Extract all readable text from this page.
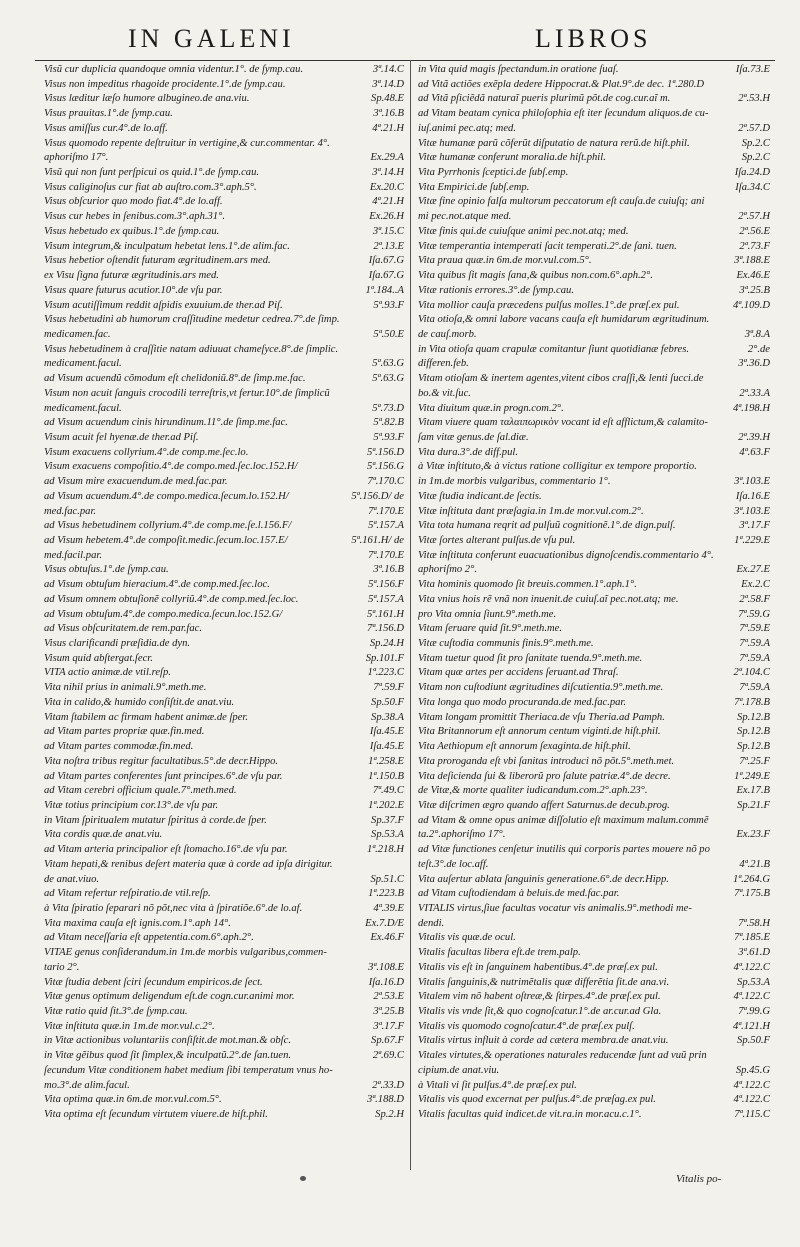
IN GALENI	LIBROS
Visũ cur duplicia quandoque omnia videntur.1°. de ſymp.cau.	3ª.14.C
Visus non impeditus rhagoide procidente.1°.de ſymp.cau.	3ª.14.D
Visus læditur læſo humore albugineo.de ana.viu.	Sp.48.E
Visus prauitas.1°.de ſymp.cau.	3ª.16.B
Visus amiſſus cur.4°.de lo.aff.	4ª.21.H
Visus quomodo repente deſtruitur in vertigine,& cur.commentar. 4°.
aphoriſmo 17°.	Ex.29.A
Visũ qui non ſunt perſpicui os quid.1°.de ſymp.cau.	3ª.14.H
Visus caliginoſus cur fiat ab auſtro.com.3°.aph.5°.	Ex.20.C
Visus obſcurior quo modo fiat.4°.de lo.aff.	4ª.21.H
Visus cur hebes in ſenibus.com.3°.aph.31°.	Ex.26.H
Visus hebetudo ex quibus.1°.de ſymp.cau.	3ª.15.C
Visum integrum,& inculpatum hebetat lens.1°.de alim.fac.	2ª.13.E
Visus hebetior oſtendit futuram ægritudinem.ars med.	Iſa.67.G
ex Visu ſigna futuræ ægritudinis.ars med.	Iſa.67.G
Visus quare futurus acutior.10°.de vſu par.	1ª.184..A
Visum acutiſſimum reddit aſpidis exuuium.de ther.ad Piſ.	5ª.93.F
Visus hebetudini ab humorum craſſitudine medetur cedrea.7°.de ſimp.
medicamen.fac.	5ª.50.E
Visus hebetudinem à craſſitie natam adiuuat chameſyce.8°.de ſimplic.
medicament.facul.	5ª.63.G
ad Visum acuendũ cõmodum eſt chelidoniũ.8°.de ſimp.me.fac.	5ª.63.G
Visum non acuit ſanguis crocodili terreſtris,vt fertur.10°.de ſimplicũ
medicament.facul.	5ª.73.D
ad Visum acuendum cinis hirundinum.11°.de ſimp.me.fac.	5ª.82.B
Visum acuit fel hyenæ.de ther.ad Piſ.	5ª.93.F
Visum exacuens collyrium.4°.de comp.me.ſec.lo.	5ª.156.D
Visum exacuens compoſitio.4°.de compo.med.ſec.loc.152.H/	5ª.156.G
ad Visum mire exacuendum.de med.fac.par.	7ª.170.C
ad Visum acuendum.4°.de compo.medica.ſecum.lo.152.H/	5ª.156.D/ de
med.fac.par.	7ª.170.E
ad Visus hebetudinem collyrium.4°.de comp.me.ſe.l.156.F/	5ª.157.A
ad Visum hebetem.4°.de compoſit.medic.ſecum.loc.157.E/	5ª.161.H/ de
med.facil.par.	7ª.170.E
Visus obtuſus.1°.de ſymp.cau.	3ª.16.B
ad Visum obtuſum hieracium.4°.de comp.med.ſec.loc.	5ª.156.F
ad Visum omnem obtuſionẽ collyriũ.4°.de comp.med.ſec.loc.	5ª.157.A
ad Visum obtuſum.4°.de compo.medica.ſecun.loc.152.G/	5ª.161.H
ad Visus obſcuritatem.de rem.par.fac.	7ª.156.D
Visus clarificandi præſidia.de dyn.	Sp.24.H
Visum quid abſtergat.ſecr.	Sp.101.F
VITA actio animæ.de vtil.reſp.	1ª.223.C
Vita nihil prius in animali.9°.meth.me.	7ª.59.F
Vita in calido,& humido conſiſtit.de anat.viu.	Sp.50.F
Vitam ſtabilem ac firmam habent animæ.de ſper.	Sp.38.A
ad Vitam partes propriæ quæ.fin.med.	Iſa.45.E
ad Vitam partes commodæ.fin.med.	Iſa.45.E
Vita noſtra tribus regitur facultatibus.5°.de decr.Hippo.	1ª.258.E
ad Vitam partes conferentes ſunt principes.6°.de vſu par.	1ª.150.B
ad Vitam cerebri officium quale.7°.meth.med.	7ª.49.C
Vitæ totius principium cor.13°.de vſu par.	1ª.202.E
in Vitam ſpiritualem mutatur ſpiritus à corde.de ſper.	Sp.37.F
Vita cordis quæ.de anat.viu.	Sp.53.A
ad Vitam arteria principalior eſt ſtomacho.16°.de vſu par.	1ª.218.H
Vitam hepati,& renibus deſert materia quæ à corde ad ipſa dirigitur.
de anat.viuo.	Sp.51.C
ad Vitam refertur reſpiratio.de vtil.reſp.	1ª.223.B
à Vita ſpiratio ſeparari nõ põt,nec vita à ſpiratiõe.6°.de lo.af.	4ª.39.E
Vita maxima cauſa eſt ignis.com.1°.aph 14°.	Ex.7.D/E
ad Vitam neceſſaria eſt appetentia.com.6°.aph.2°.	Ex.46.F
VITAE genus conſiderandum.in 1m.de morbis vulgaribus,commen-
tario 2°.	3ª.108.E
Vitæ ſtudia debent ſciri ſecundum empiricos.de ſect.	Iſa.16.D
Vitæ genus optimum deligendum eſt.de cogn.cur.animi mor.	2ª.53.E
Vitæ ratio quid ſit.3°.de ſymp.cau.	3ª.25.B
Vitæ inſtituta quæ.in 1m.de mor.vul.c.2°.	3ª.17.F
in Vitæ actionibus voluntariis conſiſtit.de mot.man.& obſc.	Sp.67.F
in Vitæ gẽibus quod ſit ſimplex,& inculpatũ.2°.de ſan.tuen.	2ª.69.C
ſecundum Vitæ conditionem habet medium ſibi temperatum vnus ho-
mo.3°.de alim.facul.	2ª.33.D
Vita optima quæ.in 6m.de mor.vul.com.5°.	3ª.188.D
Vita optima eſt ſecundum virtutem viuere.de hiſt.phil.	Sp.2.H
in Vita quid magis ſpectandum.in oratione ſuaſ.	Iſa.73.E
ad Vitã actiões exẽpla dedere Hippocrat.& Plat.9°.de dec. 1ª.280.D
ad Vitã pſiciẽdã naturaĩ pueris plurimũ põt.de cog.cur.aĩ m.	2ª.53.H
ad Vitam beatam cynica philoſophia eſt iter ſecundum aliquos.de cu-
iuſ.animi pec.atq; med.	2ª.57.D
Vitæ humanæ parũ cõferũt diſputatio de natura rerũ.de hiſt.phil.	Sp.2.C
Vitæ humanæ conferunt moralia.de hiſt.phil.	Sp.2.C
Vita Pyrrhonis ſceptici.de ſubſ.emp.	Iſa.24.D
Vita Empirici.de ſubſ.emp.	Iſa.34.C
Vitæ fine opinio falſa multorum peccatorum eſt cauſa.de cuiuſq; ani
mi pec.not.atque med.	2ª.57.H
Vitæ finis qui.de cuiuſque animi pec.not.atq; med.	2ª.56.E
Vitæ temperantia intemperati ſacit temperati.2°.de ſani. tuen.	2ª.73.F
Vita praua quæ.in 6m.de mor.vul.com.5°.	3ª.188.E
Vita quibus ſit magis ſana,& quibus non.com.6°.aph.2°.	Ex.46.E
Vitæ rationis errores.3°.de ſymp.cau.	3ª.25.B
Vita mollior cauſa præcedens pulſus molles.1°.de præſ.ex pul.	4ª.109.D
Vita otioſa,& omni labore vacans cauſa eſt humidarum ægritudinum.
de cauſ.morb.	3ª.8.A
in Vita otioſa quam crapulæ comitantur ſiunt quotidianæ febres.	2°.de
differen.feb.	3ª.36.D
Vitam otioſam & inertem agentes,vitent cibos craſſi,& lenti ſucci.de
bo.& vit.ſuc.	2ª.33.A
Vita diuitum quæ.in progn.com.2°.	4ª.198.H
Vitam viuere quam ταλαιπωρικὸν vocant id eſt afflictum,& calamito-
ſam vitæ genus.de ſal.diæ.	2ª.39.H
Vita dura.3°.de diff.pul.	4ª.63.F
à Vitæ inſtituto,& à victus ratione colligitur ex tempore proportio.
in 1m.de morbis vulgaribus, commentario 1°.	3ª.103.E
Vitæ ſtudia indicant.de ſectis.	Iſa.16.E
Vitæ inſtituta dant præſagia.in 1m.de mor.vul.com.2°.	3ª.103.E
Vita tota humana reqrit ad pulſuũ cognitionẽ.1°.de dign.pulſ.	3ª.17.F
Vitæ ſortes alterant pulſus.de vſu pul.	1ª.229.E
Vitæ inſtituta conferunt euacuationibus dignoſcendis.commentario 4°.
aphoriſmo 2°.	Ex.27.E
Vita hominis quomodo ſit breuis.commen.1°.aph.1°.	Ex.2.C
Vita vnius hois rẽ vnã non inuenit.de cuiuſ.aĩ pec.not.atq; me.	2ª.58.F
pro Vita omnia ſiunt.9°.meth.me.	7ª.59.G
Vitam ſeruare quid ſit.9°.meth.me.	7ª.59.E
Vitæ cuſtodia communis finis.9°.meth.me.	7ª.59.A
Vitam tuetur quod ſit pro ſanitate tuenda.9°.meth.me.	7ª.59.A
Vitam quæ artes per accidens ſeruant.ad Thraſ.	2ª.104.C
Vitam non cuſtodiunt ægritudines diſcutientia.9°.meth.me.	7ª.59.A
Vita longa quo modo procuranda.de med.fac.par.	7ª.178.B
Vitam longam promittit Theriaca.de vſu Theria.ad Pamph.	Sp.12.B
Vita Britannorum eſt annorum centum viginti.de hiſt.phil.	Sp.12.B
Vita Aethiopum eſt annorum ſexaginta.de hiſt.phil.	Sp.12.B
Vita proroganda eſt vbi ſanitas introduci nõ põt.5°.meth.met.	7ª.25.F
Vita deſicienda ſui & liberorũ pro ſalute patriæ.4°.de decre.	1ª.249.E
de Vitæ,& morte qualiter iudicandum.com.2°.aph.23°.	Ex.17.B
Vitæ diſcrimen ægro quando affert Saturnus.de decub.prog.	Sp.21.F
ad Vitam & omne opus animæ diſſolutio eſt maximum malum.commẽ
ta.2°.aphoriſmo 17°.	Ex.23.F
ad Vitæ functiones cenſetur inutilis qui corporis partes mouere nõ po
teſt.3°.de loc.aff.	4ª.21.B
Vita auſertur ablata ſanguinis generatione.6°.de decr.Hipp.	1ª.264.G
ad Vitam cuſtodiendam à beluis.de med.fac.par.	7ª.175.B
VITALIS virtus,ſiue facultas vocatur vis animalis.9°.methodi me-
dendi.	7ª.58.H
Vitalis vis quæ.de ocul.	7ª.185.E
Vitalis facultas libera eſt.de trem.palp.	3ª.61.D
Vitalis vis eſt in ſanguinem habentibus.4°.de præſ.ex pul.	4ª.122.C
Vitalis ſanguinis,& nutrimẽtalis quæ differẽtia ſit.de ana.vi.	Sp.53.A
Vitalem vim nõ habent oſtreæ,& ſtirpes.4°.de præſ.ex pul.	4ª.122.C
Vitalis vis vnde ſit,& quo cognoſcatur.1°.de ar.cur.ad Gla.	7ª.99.G
Vitalis vis quomodo cognoſcatur.4°.de præſ.ex pulſ.	4ª.121.H
Vitalis virtus influit à corde ad cætera membra.de anat.viu.	Sp.50.F
Vitales virtutes,& operationes naturales reducendæ ſunt ad vuũ prin
cipium.de anat.viu.	Sp.45.G
à Vitali vi ſit pulſus.4°.de præſ.ex pul.	4ª.122.C
Vitalis vis quod excernat per pulſus.4°.de præſag.ex pul.	4ª.122.C
Vitalis facultas quid indicet.de vit.ra.in mor.acu.c.1°.	7ª.115.C
Vitalis po-
